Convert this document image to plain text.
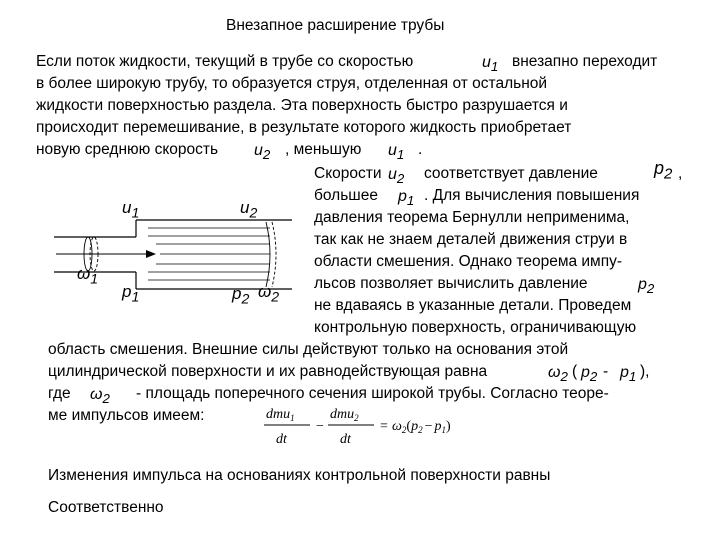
Внезапное расширение трубы
Если поток жидкости, текущий в трубе со скоростью	$u_1$ внезапно переходит
в более широкую трубу, то образуется струя, отделенная от остальной
жидкости поверхностью раздела. Эта поверхность быстро разрушается и
происходит перемешивание, в результате которого жидкость приобретает
новую среднюю скорость $u_2$ , меньшую $u_1$ .
Скорости $u_2$ соответствует давление	$p_2$ ,
большее $p_1$ . Для вычисления повышения
давления теорема Бернулли неприменима,
так как не знаем деталей движения струи в
области смешения. Однако теорема импу-
льсов позволяет вычислить давление	$p_2$
не вдаваясь в указанные детали. Проведем
контрольную поверхность, ограничивающую
$u_1$	$u_2$
$\omega_1$
$p_1$	$p_2$ $\omega_2$
область смешения. Внешние силы действуют только на основания этой
цилиндрической поверхности и их равнодействующая равна	$\omega_2$ ( $p_2 - p_1$ ),
где $\omega_2$ - площадь поперечного сечения широкой трубы. Согласно теоре-
ме импульсов имеем:	dmu$_1$
dt
−
dmu$_2$
dt
= $\omega_2(p_2 - p_1)$
Изменения импульса на основаниях контрольной поверхности равны
Соответственно
